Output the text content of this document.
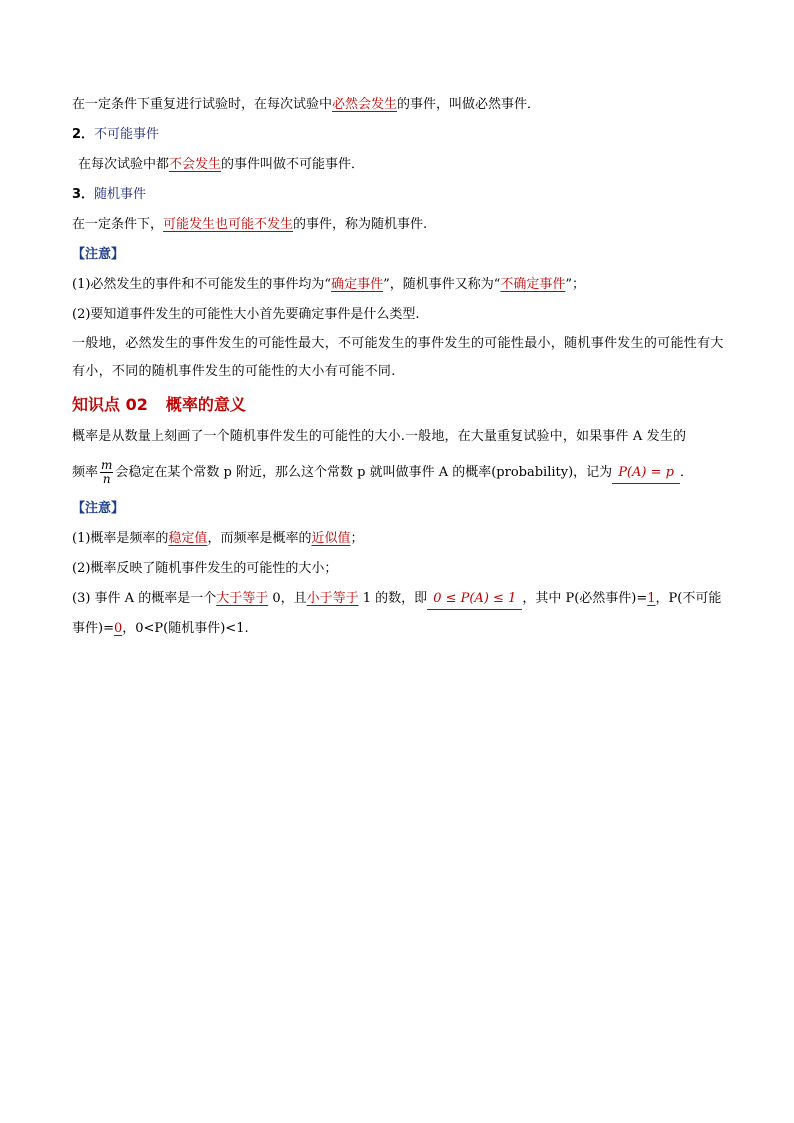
在一定条件下重复进行试验时，在每次试验中必然会发生的事件，叫做必然事件．
2．不可能事件
在每次试验中都不会发生的事件叫做不可能事件．
3．随机事件
在一定条件下，可能发生也可能不发生的事件，称为随机事件.
【注意】
(1)必然发生的事件和不可能发生的事件均为“确定事件”，随机事件又称为“不确定事件”；
(2)要知道事件发生的可能性大小首先要确定事件是什么类型.
一般地，必然发生的事件发生的可能性最大，不可能发生的事件发生的可能性最小，随机事件发生的可能性有大有小，不同的随机事件发生的可能性的大小有可能不同.
知识点 02 概率的意义
概率是从数量上刻画了一个随机事件发生的可能性的大小.一般地，在大量重复试验中，如果事件 A 发生的
频率 $\frac{m}{n}$ 会稳定在某个常数 p 附近，那么这个常数 p 就叫做事件 A 的概率(probability)，记为 P(A) = p ．
【注意】
(1)概率是频率的稳定值，而频率是概率的近似值；
(2)概率反映了随机事件发生的可能性的大小；
(3) 事件 A 的概率是一个大于等于 0，且小于等于 1 的数，即 0 ≤ P(A) ≤ 1 ，其中 P(必然事件)=1，P(不可能
事件)=0，0<P(随机事件)<1.
